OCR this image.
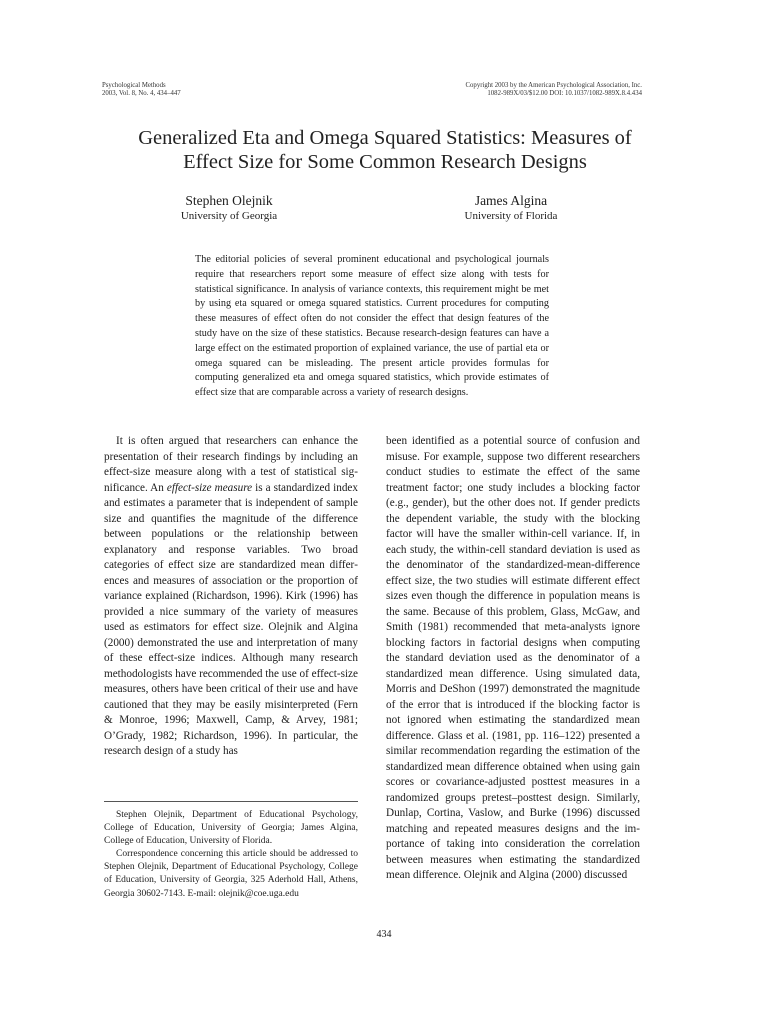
Psychological Methods
2003, Vol. 8, No. 4, 434–447
Copyright 2003 by the American Psychological Association, Inc.
1082-989X/03/$12.00 DOI: 10.1037/1082-989X.8.4.434
Generalized Eta and Omega Squared Statistics: Measures of
Effect Size for Some Common Research Designs
Stephen Olejnik
University of Georgia
James Algina
University of Florida
The editorial policies of several prominent educational and psychological journals require that researchers report some measure of effect size along with tests for statistical significance. In analysis of variance contexts, this requirement might be met by using eta squared or omega squared statistics. Current procedures for computing these measures of effect often do not consider the effect that design features of the study have on the size of these statistics. Because research-design features can have a large effect on the estimated proportion of explained variance, the use of partial eta or omega squared can be misleading. The present article provides formulas for computing generalized eta and omega squared statistics, which provide estimates of effect size that are comparable across a variety of research designs.

It is often argued that researchers can enhance the presentation of their research findings by including an effect-size measure along with a test of statistical significance. An effect-size measure is a standardized index and estimates a parameter that is independent of sample size and quantifies the magnitude of the difference between populations or the relationship between explanatory and response variables. Two broad categories of effect size are standardized mean differences and measures of association or the proportion of variance explained (Richardson, 1996). Kirk (1996) has provided a nice summary of the variety of measures used as estimators for effect size. Olejnik and Algina (2000) demonstrated the use and interpretation of many of these effect-size indices. Although many research methodologists have recommended the use of effect-size measures, others have been critical of their use and have cautioned that they may be easily misinterpreted (Fern & Monroe, 1996; Maxwell, Camp, & Arvey, 1981; O’Grady, 1982; Richardson, 1996). In particular, the research design of a study has

been identified as a potential source of confusion and misuse. For example, suppose two different researchers conduct studies to estimate the effect of the same treatment factor; one study includes a blocking factor (e.g., gender), but the other does not. If gender predicts the dependent variable, the study with the blocking factor will have the smaller within-cell variance. If, in each study, the within-cell standard deviation is used as the denominator of the standardized-mean-difference effect size, the two studies will estimate different effect sizes even though the difference in population means is the same. Because of this problem, Glass, McGaw, and Smith (1981) recommended that meta-analysts ignore blocking factors in factorial designs when computing the standard deviation used as the denominator of a standardized mean difference. Using simulated data, Morris and DeShon (1997) demonstrated the magnitude of the error that is introduced if the blocking factor is not ignored when estimating the standardized mean difference. Glass et al. (1981, pp. 116–122) presented a similar recommendation regarding the estimation of the standardized mean difference obtained when using gain scores or covariance-adjusted posttest measures in a randomized groups pretest–posttest design. Similarly, Dunlap, Cortina, Vaslow, and Burke (1996) discussed matching and repeated measures designs and the importance of taking into consideration the correlation between measures when estimating the standardized mean difference. Olejnik and Algina (2000) discussed

Stephen Olejnik, Department of Educational Psychology, College of Education, University of Georgia; James Algina, College of Education, University of Florida.

Correspondence concerning this article should be addressed to Stephen Olejnik, Department of Educational Psychology, College of Education, University of Georgia, 325 Aderhold Hall, Athens, Georgia 30602-7143. E-mail: olejnik@coe.uga.edu

434
